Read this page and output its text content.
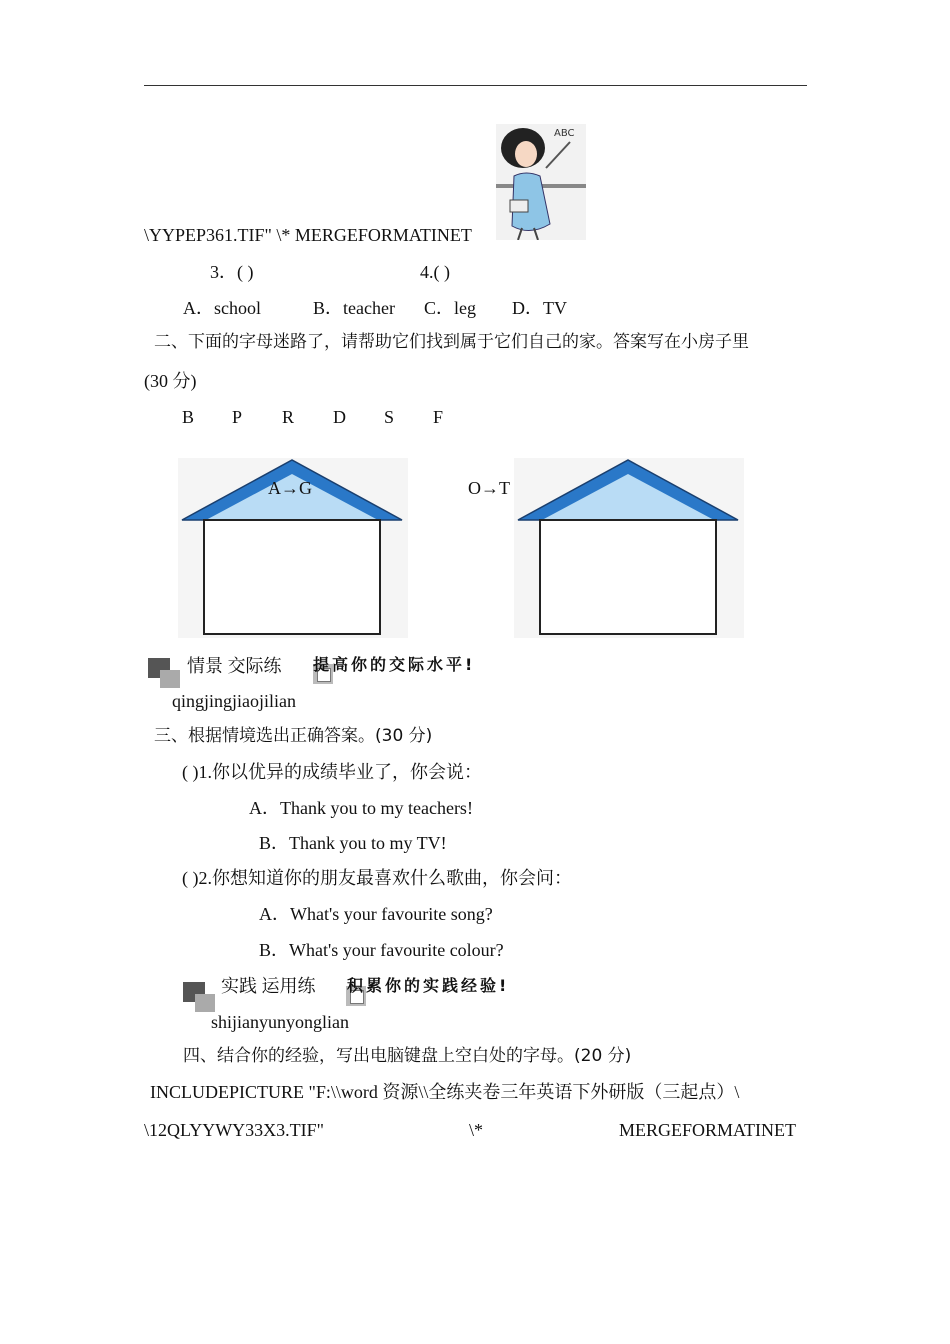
ABC
\YYPEP361.TIF" \* MERGEFORMATINET
3．( )	4.( )
A．school	B．teacher C．leg D．TV
二、下面的字母迷路了，请帮助它们找到属于它们自己的家。答案写在小房子里
(30 分)
B P R D S F
A→G	O→T
情景 交际练 提高你的交际水平!
qingjingjiaojilian
三、根据情境选出正确答案。(30 分)
( )1.你以优异的成绩毕业了，你会说：
A．Thank you to my teachers!
B．Thank you to my TV!
( )2.你想知道你的朋友最喜欢什么歌曲，你会问：
A．What's your favourite song?
B．What's your favourite colour?
实践 运用练 积累你的实践经验!
shijianyunyonglian
四、结合你的经验，写出电脑键盘上空白处的字母。(20 分)
INCLUDEPICTURE "F:\\word 资源\\全练夹卷三年英语下外研版（三起点）\
\12QLYYWY33X3.TIF"	\*	MERGEFORMATINET
